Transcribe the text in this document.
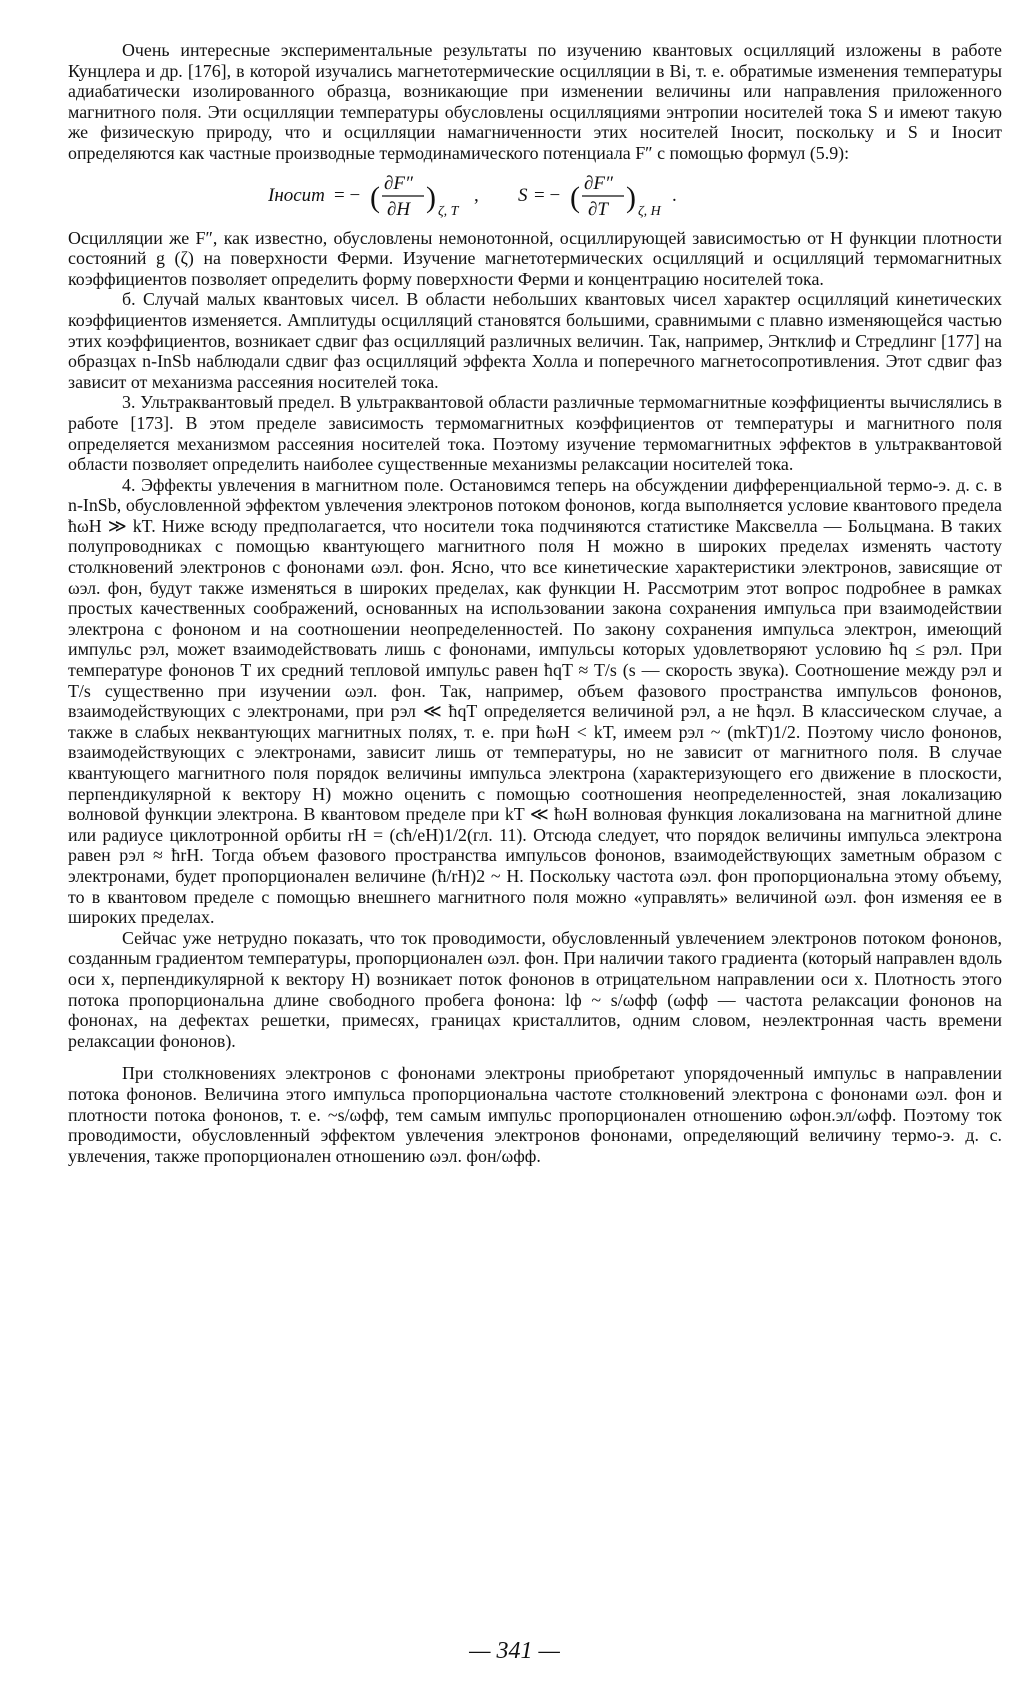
Очень интересные экспериментальные результаты по изучению квантовых осцилляций изложены в работе Кунцлера и др. [176], в которой изучались магнетотермические осцилляции в Bi, т. е. обратимые изменения температуры адиабатически изолированного образца, возникающие при изменении величины или направления приложенного магнитного поля. Эти осцилляции температуры обусловлены осцилляциями энтропии носителей тока S и имеют такую же физическую природу, что и осцилляции намагниченности этих носителей Iносит, поскольку и S и Iносит определяются как частные производные термодинамического потенциала F″ с помощью формул (5.9):

Iносит = − ( ∂F″
∂H ) ζ, T
, S = − ( ∂F″
∂T ) ζ, H
.

Осцилляции же F″, как известно, обусловлены немонотонной, осциллирующей зависимостью от H функции плотности состояний g (ζ) на поверхности Ферми. Изучение магнетотермических осцилляций и осцилляций термомагнитных коэффициентов позволяет определить форму поверхности Ферми и концентрацию носителей тока.

б. Случай малых квантовых чисел. В области небольших квантовых чисел характер осцилляций кинетических коэффициентов изменяется. Амплитуды осцилляций становятся большими, сравнимыми с плавно изменяющейся частью этих коэффициентов, возникает сдвиг фаз осцилляций различных величин. Так, например, Энтклиф и Стредлинг [177] на образцах n-InSb наблюдали сдвиг фаз осцилляций эффекта Холла и поперечного магнетосопротивления. Этот сдвиг фаз зависит от механизма рассеяния носителей тока.

3. Ультраквантовый предел. В ультраквантовой области различные термомагнитные коэффициенты вычислялись в работе [173]. В этом пределе зависимость термомагнитных коэффициентов от температуры и магнитного поля определяется механизмом рассеяния носителей тока. Поэтому изучение термомагнитных эффектов в ультраквантовой области позволяет определить наиболее существенные механизмы релаксации носителей тока.

4. Эффекты увлечения в магнитном поле. Остановимся теперь на обсуждении дифференциальной термо-э. д. с. в n-InSb, обусловленной эффектом увлечения электронов потоком фононов, когда выполняется условие квантового предела ħωH ≫ kT. Ниже всюду предполагается, что носители тока подчиняются статистике Максвелла — Больцмана. В таких полупроводниках с помощью квантующего магнитного поля H можно в широких пределах изменять частоту столкновений электронов с фононами ωэл. фон. Ясно, что все кинетические характеристики электронов, зависящие от ωэл. фон, будут также изменяться в широких пределах, как функции H. Рассмотрим этот вопрос подробнее в рамках простых качественных соображений, основанных на использовании закона сохранения импульса при взаимодействии электрона с фононом и на соотношении неопределенностей. По закону сохранения импульса электрон, имеющий импульс pэл, может взаимодействовать лишь с фононами, импульсы которых удовлетворяют условию ħq ≤ pэл. При температуре фононов T их средний тепловой импульс равен ħqT ≈ T/s (s — скорость звука). Соотношение между pэл и T/s существенно при изучении ωэл. фон. Так, например, объем фазового пространства импульсов фононов, взаимодействующих с электронами, при pэл ≪ ħqT определяется величиной pэл, а не ħqэл. В классическом случае, а также в слабых неквантующих магнитных полях, т. е. при ħωH < kT, имеем pэл ~ (mkT)1/2. Поэтому число фононов, взаимодействующих с электронами, зависит лишь от температуры, но не зависит от магнитного поля. В случае квантующего магнитного поля порядок величины импульса электрона (характеризующего его движение в плоскости, перпендикулярной к вектору H) можно оценить с помощью соотношения неопределенностей, зная локализацию волновой функции электрона. В квантовом пределе при kT ≪ ħωH волновая функция локализована на магнитной длине или радиусе циклотронной орбиты rH = (cħ/eH)1/2(гл. 11). Отсюда следует, что порядок величины импульса электрона равен pэл ≈ ħrH. Тогда объем фазового пространства импульсов фононов, взаимодействующих заметным образом с электронами, будет пропорционален величине (ħ/rH)2 ~ H. Поскольку частота ωэл. фон пропорциональна этому объему, то в квантовом пределе с помощью внешнего магнитного поля можно «управлять» величиной ωэл. фон изменяя ее в широких пределах.

Сейчас уже нетрудно показать, что ток проводимости, обусловленный увлечением электронов потоком фононов, созданным градиентом температуры, пропорционален ωэл. фон. При наличии такого градиента (который направлен вдоль оси x, перпендикулярной к вектору H) возникает поток фононов в отрицательном направлении оси x. Плотность этого потока пропорциональна длине свободного пробега фонона: lф ~ s/ωфф (ωфф — частота релаксации фононов на фононах, на дефектах решетки, примесях, границах кристаллитов, одним словом, неэлектронная часть времени релаксации фононов).

При столкновениях электронов с фононами электроны приобретают упорядоченный импульс в направлении потока фононов. Величина этого импульса пропорциональна частоте столкновений электрона с фононами ωэл. фон и плотности потока фононов, т. е. ~s/ωфф, тем самым импульс пропорционален отношению ωфон.эл/ωфф. Поэтому ток проводимости, обусловленный эффектом увлечения электронов фононами, определяющий величину термо-э. д. с. увлечения, также пропорционален отношению ωэл. фон/ωфф.

— 341 —
